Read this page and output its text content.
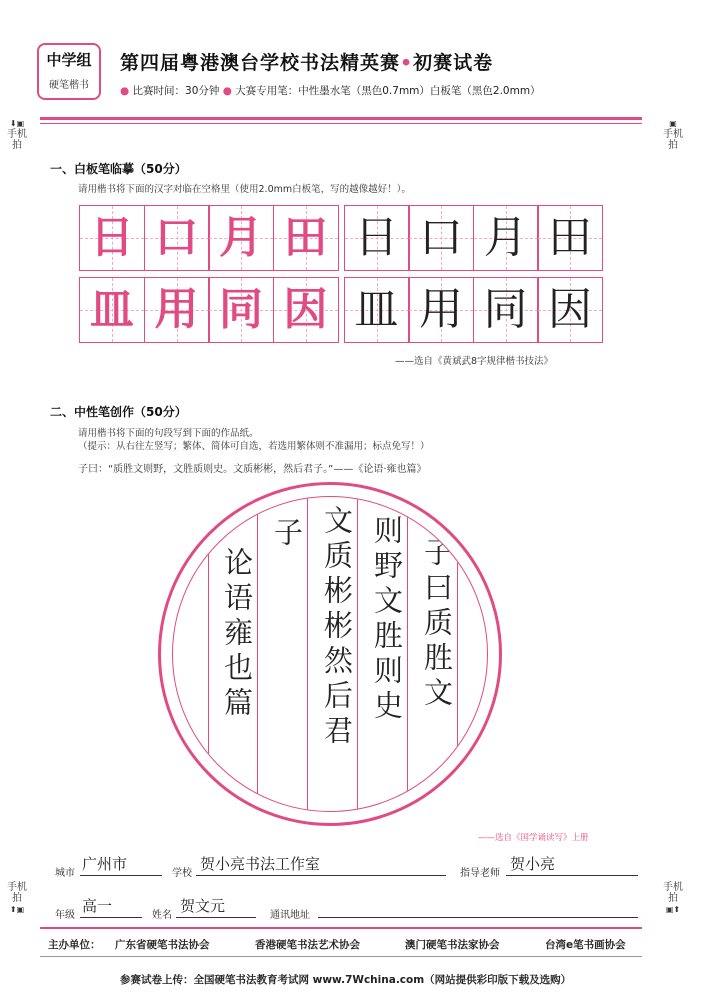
中学组
硬笔楷书
第四届粤港澳台学校书法精英赛•初赛试卷
● 比赛时间：30分钟 ● 大赛专用笔：中性墨水笔（黑色0.7mm）白板笔（黑色2.0mm）
⬇▣
手机拍
▣
手机拍
手机拍
⬆▣
手机拍
▣⬆
一、白板笔临摹（50分）
请用楷书将下面的汉字对临在空格里（使用2.0mm白板笔，写的越像越好！）。
日 口 月 田 日 口 月 田
皿 用 同 因 皿 用 同 因
——选自《黄斌武8字规律楷书技法》
二、中性笔创作（50分）
请用楷书将下面的句段写到下面的作品纸。
（提示：从右往左竖写；繁体、简体可自选，若选用繁体则不准漏用；标点免写！）
子曰：“质胜文则野，文胜质则史。文质彬彬，然后君子。”——《论语·雍也篇》
子曰质胜文
则野文胜则史
文质彬彬然后君
子
论语雍也篇
——选自《国学诵读写》上册
城市
广州市
学校
贺小亮书法工作室
指导老师
贺小亮
年级
高一
姓名
贺文元
通讯地址
主办单位： 广东省硬笔书法协会	香港硬笔书法艺术协会	澳门硬笔书法家协会	台湾e笔书画协会
参赛试卷上传：全国硬笔书法教育考试网 www.7Wchina.com（网站提供彩印版下载及选购）
